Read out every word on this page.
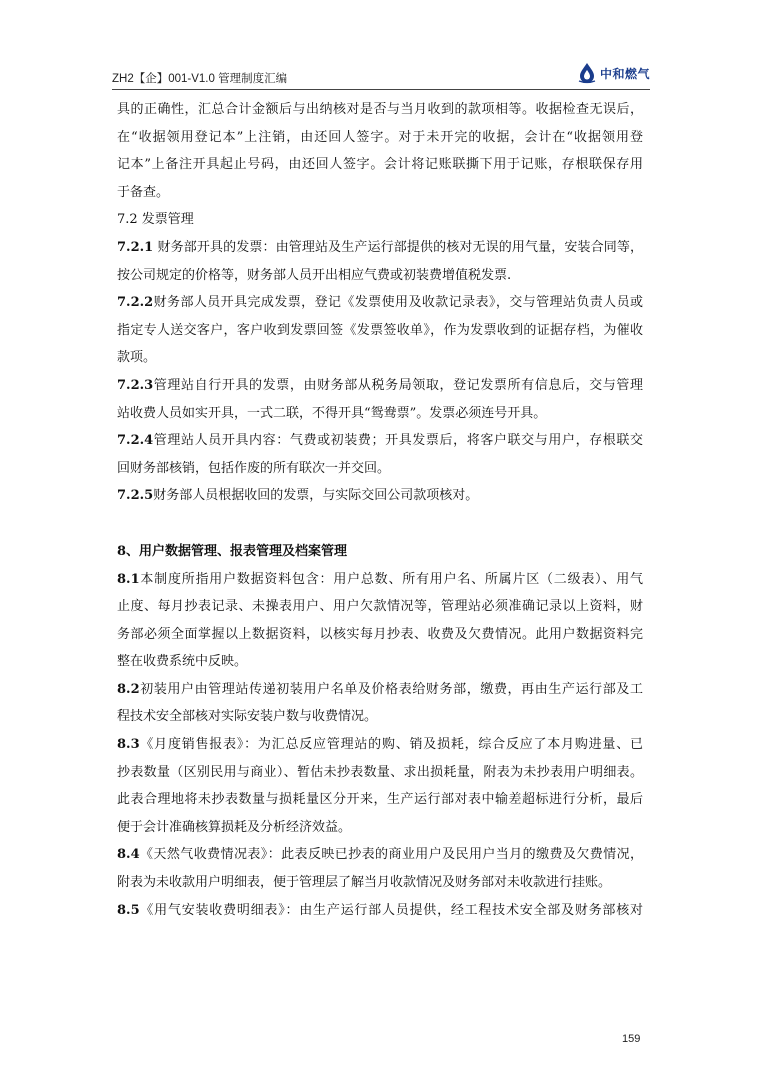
ZH2【企】001-V1.0 管理制度汇编	中和燃气
具的正确性，汇总合计金额后与出纳核对是否与当月收到的款项相等。收据检查无误后，
在“收据领用登记本”上注销，由还回人签字。对于未开完的收据，会计在“收据领用登
记本”上备注开具起止号码，由还回人签字。会计将记账联撕下用于记账，存根联保存用
于备查。
7.2 发票管理
7.2.1 财务部开具的发票：由管理站及生产运行部提供的核对无误的用气量，安装合同等，
按公司规定的价格等，财务部人员开出相应气费或初装费增值税发票.
7.2.2财务部人员开具完成发票，登记《发票使用及收款记录表》，交与管理站负责人员或
指定专人送交客户，客户收到发票回签《发票签收单》，作为发票收到的证据存档，为催收
款项。
7.2.3管理站自行开具的发票，由财务部从税务局领取，登记发票所有信息后，交与管理
站收费人员如实开具，一式二联，不得开具“鸳鸯票”。发票必须连号开具。
7.2.4管理站人员开具内容：气费或初装费；开具发票后，将客户联交与用户，存根联交
回财务部核销，包括作废的所有联次一并交回。
7.2.5财务部人员根据收回的发票，与实际交回公司款项核对。
8、用户数据管理、报表管理及档案管理
8.1本制度所指用户数据资料包含：用户总数、所有用户名、所属片区（二级表）、用气
止度、每月抄表记录、未操表用户、用户欠款情况等，管理站必须准确记录以上资料，财
务部必须全面掌握以上数据资料，以核实每月抄表、收费及欠费情况。此用户数据资料完
整在收费系统中反映。
8.2初装用户由管理站传递初装用户名单及价格表给财务部，缴费，再由生产运行部及工
程技术安全部核对实际安装户数与收费情况。
8.3《月度销售报表》：为汇总反应管理站的购、销及损耗，综合反应了本月购进量、已
抄表数量（区别民用与商业）、暂估未抄表数量、求出损耗量，附表为未抄表用户明细表。
此表合理地将未抄表数量与损耗量区分开来，生产运行部对表中输差超标进行分析，最后
便于会计准确核算损耗及分析经济效益。
8.4《天然气收费情况表》：此表反映已抄表的商业用户及民用户当月的缴费及欠费情况，
附表为未收款用户明细表，便于管理层了解当月收款情况及财务部对未收款进行挂账。
8.5《用气安装收费明细表》：由生产运行部人员提供，经工程技术安全部及财务部核对
159
